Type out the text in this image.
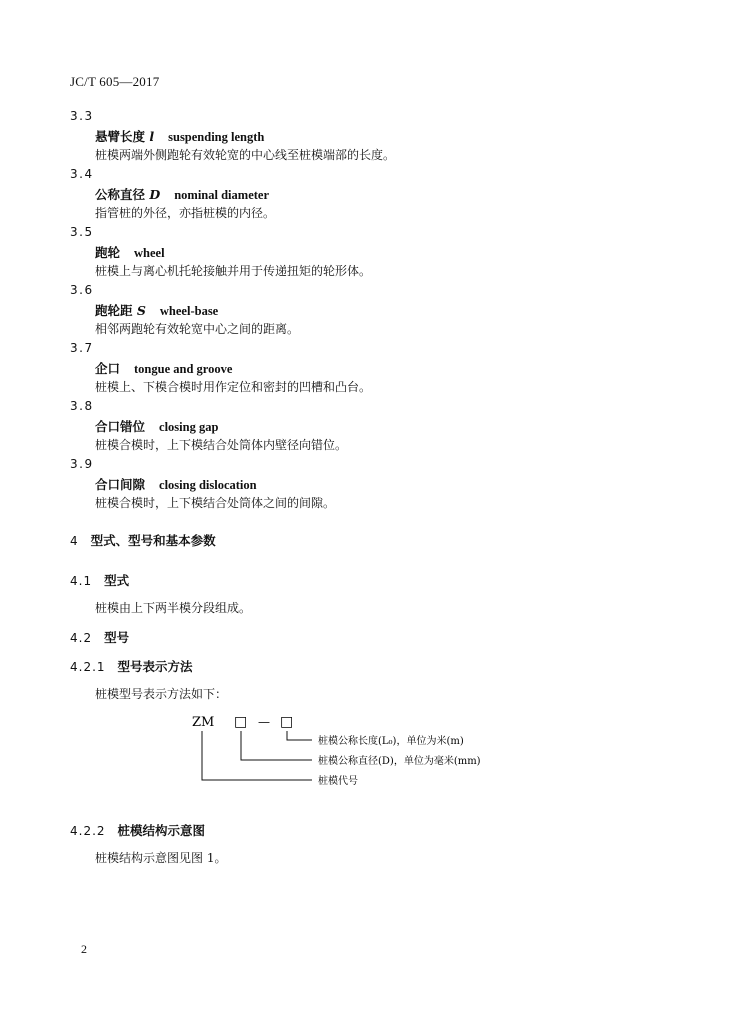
JC/T 605—2017
3.3
悬臂长度 l suspending length
桩模两端外侧跑轮有效轮宽的中心线至桩模端部的长度。
3.4
公称直径 D nominal diameter
指管桩的外径，亦指桩模的内径。
3.5
跑轮 wheel
桩模上与离心机托轮接触并用于传递扭矩的轮形体。
3.6
跑轮距 S wheel-base
相邻两跑轮有效轮宽中心之间的距离。
3.7
企口 tongue and groove
桩模上、下模合模时用作定位和密封的凹槽和凸台。
3.8
合口错位 closing gap
桩模合模时，上下模结合处筒体内壁径向错位。
3.9
合口间隙 closing dislocation
桩模合模时，上下模结合处筒体之间的间隙。
4 型式、型号和基本参数
4.1 型式
桩模由上下两半模分段组成。
4.2 型号
4.2.1 型号表示方法
桩模型号表示方法如下：
ZM □ — □
桩模公称长度(L₀)，单位为米(m)
桩模公称直径(D)，单位为毫米(mm)
桩模代号
4.2.2 桩模结构示意图
桩模结构示意图见图 1。
2
